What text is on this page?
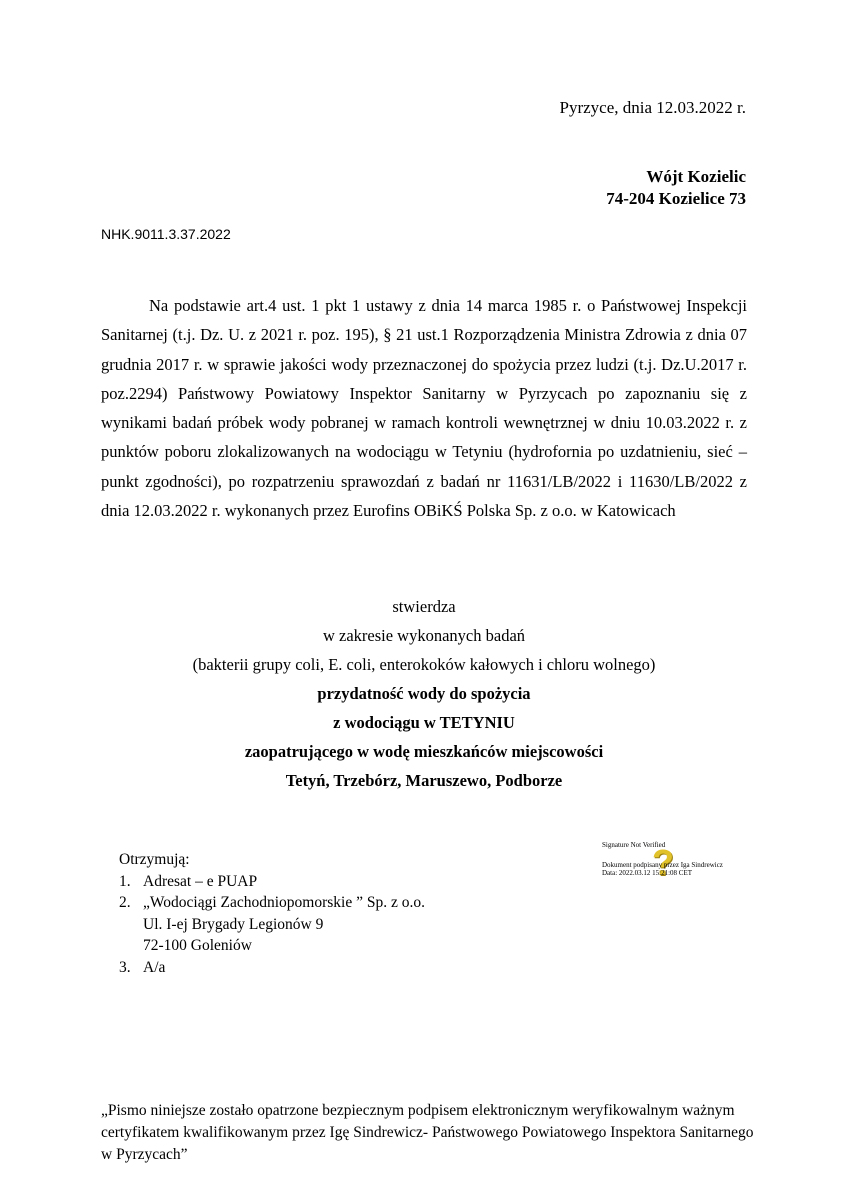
Pyrzyce, dnia 12.03.2022 r.

Wójt Kozielic
74-204 Kozielice 73

NHK.9011.3.37.2022

Na podstawie art.4 ust. 1 pkt 1 ustawy z dnia 14 marca 1985 r. o Państwowej Inspekcji Sanitarnej (t.j. Dz. U. z 2021 r. poz. 195), § 21 ust.1 Rozporządzenia Ministra Zdrowia z dnia 07 grudnia 2017 r. w sprawie jakości wody przeznaczonej do spożycia przez ludzi (t.j. Dz.U.2017 r. poz.2294) Państwowy Powiatowy Inspektor Sanitarny w Pyrzycach po zapoznaniu się z wynikami badań próbek wody pobranej w ramach kontroli wewnętrznej w dniu 10.03.2022 r. z punktów poboru zlokalizowanych na wodociągu w Tetyniu (hydrofornia po uzdatnieniu, sieć – punkt zgodności), po rozpatrzeniu sprawozdań z badań nr 11631/LB/2022 i 11630/LB/2022 z dnia 12.03.2022 r. wykonanych przez Eurofins OBiKŚ Polska Sp. z o.o. w Katowicach

stwierdza
w zakresie wykonanych badań
(bakterii grupy coli, E. coli, enterokoków kałowych i chloru wolnego)
przydatność wody do spożycia
z wodociągu w TETYNIU
zaopatrującego w wodę mieszkańców miejscowości
Tetyń, Trzebórz, Maruszewo, Podborze
Otrzymują:
1. Adresat – e PUAP
2. „Wodociągi Zachodniopomorskie ” Sp. z o.o.
Ul. I-ej Brygady Legionów 9
72-100 Goleniów
3. A/a
?
Signature Not Verified
Dokument podpisany przez Iga Sindrewicz
Data: 2022.03.12 15:21:08 CET

„Pismo niniejsze zostało opatrzone bezpiecznym podpisem elektronicznym weryfikowalnym ważnym certyfikatem kwalifikowanym przez Igę Sindrewicz- Państwowego Powiatowego Inspektora Sanitarnego w Pyrzycach”
